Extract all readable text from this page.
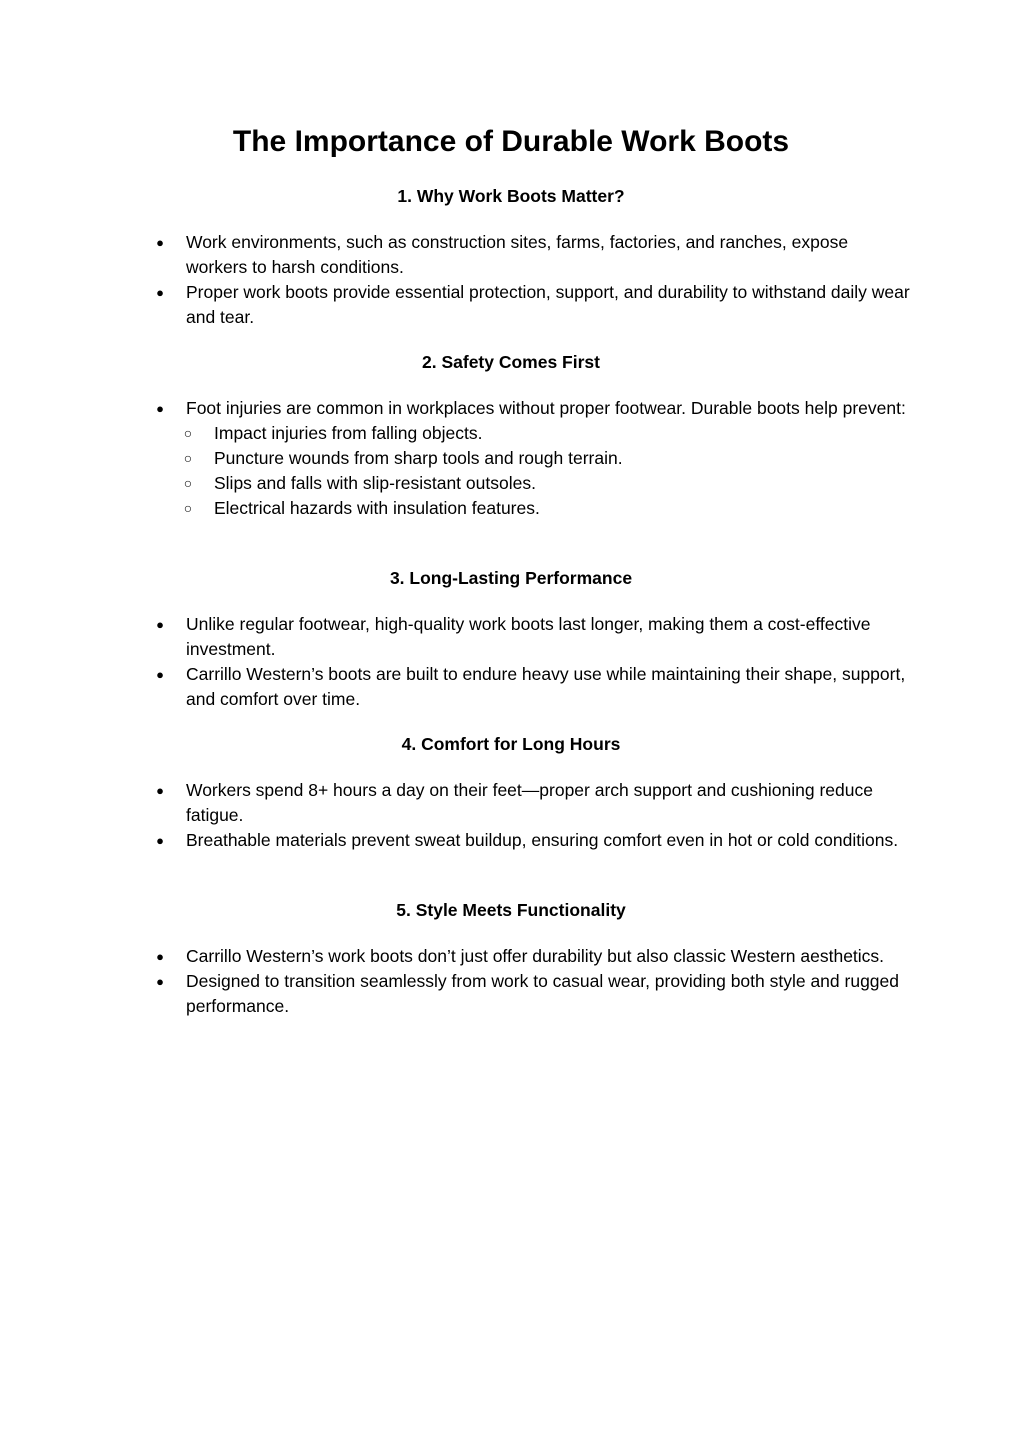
The Importance of Durable Work Boots
1. Why Work Boots Matter?
● Work environments, such as construction sites, farms, factories, and ranches, expose workers to harsh conditions.
● Proper work boots provide essential protection, support, and durability to withstand daily wear and tear.
2. Safety Comes First
● Foot injuries are common in workplaces without proper footwear. Durable boots help prevent:
○ Impact injuries from falling objects.
○ Puncture wounds from sharp tools and rough terrain.
○ Slips and falls with slip-resistant outsoles.
○ Electrical hazards with insulation features.
3. Long-Lasting Performance
● Unlike regular footwear, high-quality work boots last longer, making them a cost-effective investment.
● Carrillo Western’s boots are built to endure heavy use while maintaining their shape, support, and comfort over time.
4. Comfort for Long Hours
● Workers spend 8+ hours a day on their feet—proper arch support and cushioning reduce fatigue.
● Breathable materials prevent sweat buildup, ensuring comfort even in hot or cold conditions.
5. Style Meets Functionality
● Carrillo Western’s work boots don’t just offer durability but also classic Western aesthetics.
● Designed to transition seamlessly from work to casual wear, providing both style and rugged performance.
